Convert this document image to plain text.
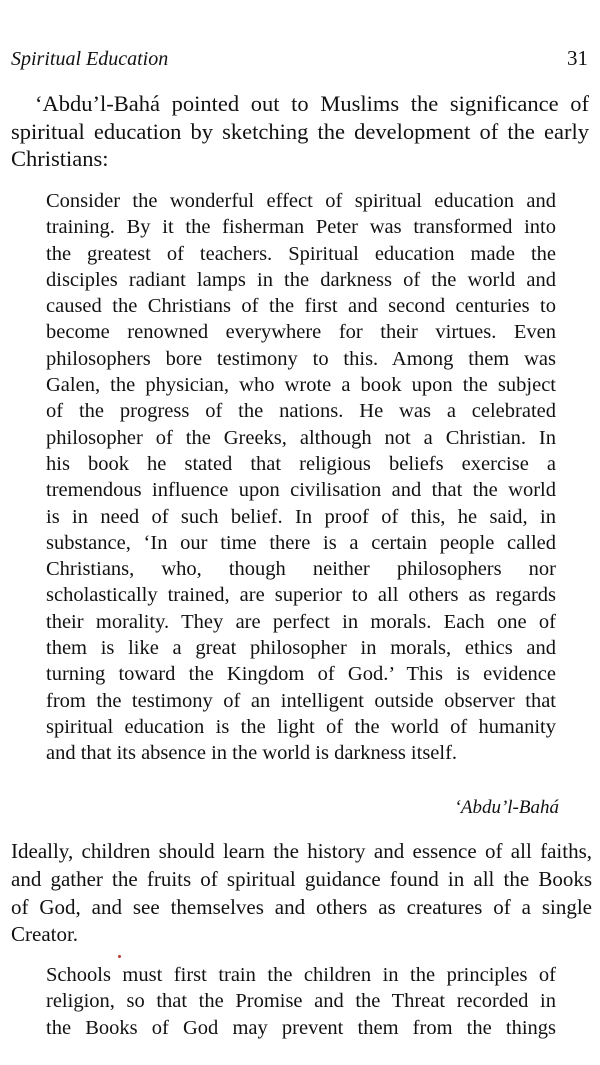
Spiritual Education	31

‘Abdu’l-Bahá pointed out to Muslims the significance of
spiritual education by sketching the development of the early
Christians:

Consider the wonderful effect of spiritual education and
training. By it the fisherman Peter was transformed into
the greatest of teachers. Spiritual education made the
disciples radiant lamps in the darkness of the world and
caused the Christians of the first and second centuries to
become renowned everywhere for their virtues. Even
philosophers bore testimony to this. Among them was
Galen, the physician, who wrote a book upon the subject
of the progress of the nations. He was a celebrated
philosopher of the Greeks, although not a Christian. In
his book he stated that religious beliefs exercise a
tremendous influence upon civilisation and that the world
is in need of such belief. In proof of this, he said, in
substance, ‘In our time there is a certain people called
Christians, who, though neither philosophers nor
scholastically trained, are superior to all others as regards
their morality. They are perfect in morals. Each one of
them is like a great philosopher in morals, ethics and
turning toward the Kingdom of God.’ This is evidence
from the testimony of an intelligent outside observer that
spiritual education is the light of the world of humanity
and that its absence in the world is darkness itself.

‘Abdu’l-Bahá

Ideally, children should learn the history and essence of all faiths,
and gather the fruits of spiritual guidance found in all the Books
of God, and see themselves and others as creatures of a single
Creator.

Schools must first train the children in the principles of
religion, so that the Promise and the Threat recorded in
the Books of God may prevent them from the things
